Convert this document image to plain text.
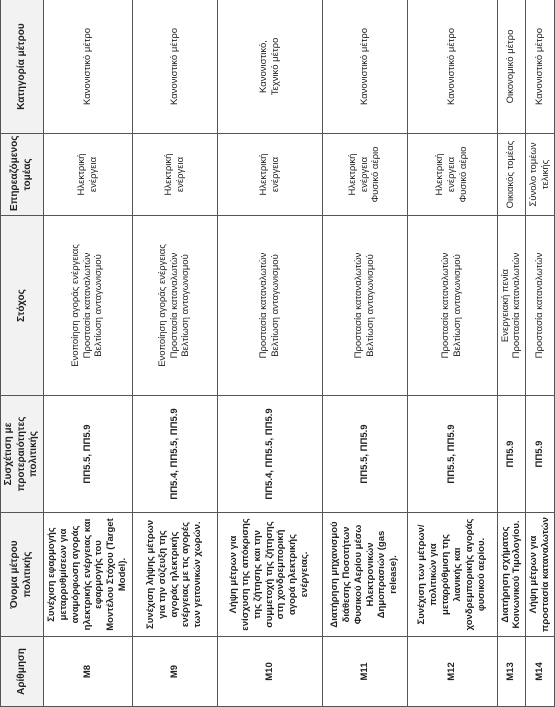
Αρίθμηση	Όνομα μέτρου πολιτικής	Συσχέτιση με προτεραιότητες πολιτικής	Στόχος	Επηρεαζόμενος τομέας	Κατηγορία μέτρου
M8	Συνέχιση εφαρμογής μεταρρυθμίσεων για αναμόρφωση αγοράς ηλεκτρικής ενέργειας και εφαρμογής του Μοντέλου Στόχου (Target Model).	ΠΠ5.5, ΠΠ5.9	Ενοποίηση αγοράς ενέργειας Προστασία καταναλωτών Βελτίωση ανταγωνισμού	Ηλεκτρική ενέργεια	Κανονιστικό μέτρο

M9	Συνέχιση λήψης μέτρων για την σύζευξη της αγοράς ηλεκτρικής ενέργειας με τις αγορές των γειτονικών χωρών.	ΠΠ5.4, ΠΠ5.5, ΠΠ5.9	Ενοποίηση αγοράς ενέργειας Προστασία καταναλωτών Βελτίωση ανταγωνισμού	Ηλεκτρική ενέργεια	Κανονιστικό μέτρο

M10	Λήψη μέτρων για ενίσχυση της απόκρισης της ζήτησης και την συμμετοχή της ζήτησης στη χονδρεμπορική αγορά ηλεκτρικής ενέργειας.	ΠΠ5.4, ΠΠ5.5, ΠΠ5.9	Προστασία καταναλωτών Βελτίωση ανταγωνισμού	Ηλεκτρική ενέργεια	Κανονιστικό, Τεχνικό μέτρο

M11	Διατήρηση μηχανισμού διάθεσης Ποσοτήτων Φυσικού Αερίου μέσω Ηλεκτρονικών Δημοπρασιών (gas release).	ΠΠ5.5, ΠΠ5.9	Προστασία καταναλωτών Βελτίωση ανταγωνισμού	Ηλεκτρική ενέργεια Φυσικό αέριο	Κανονιστικό μέτρο

M12	Συνέχιση των μέτρων/πολιτικών για μεταρρύθμιση της λιανικής και χονδρεμπορικής αγοράς φυσικού αερίου.	ΠΠ5.5, ΠΠ5.9	Προστασία καταναλωτών Βελτίωση ανταγωνισμού	Ηλεκτρική ενέργεια Φυσικό αέριο	Κανονιστικό μέτρο

M13	Διατήρηση σχήματος Κοινωνικού Τιμολογίου.	ΠΠ5.9	Ενεργειακή πενία Προστασία καταναλωτών	Οικιακός τομέας	Οικονομικό μέτρο

M14	Λήψη μέτρων για προστασία καταναλωτών	ΠΠ5.9	Προστασία καταναλωτών	Σύνολο τομέων τελικής	Κανονιστικό μέτρο
